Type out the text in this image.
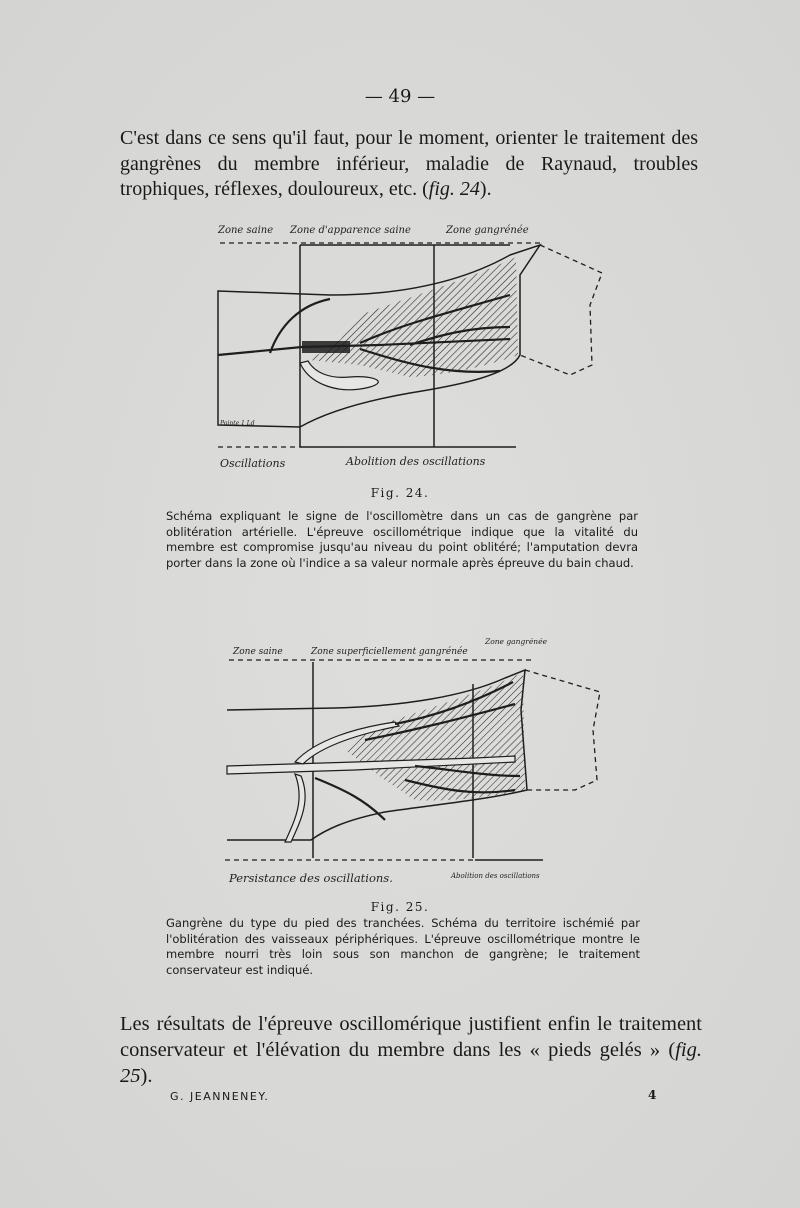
— 49 —
C'est dans ce sens qu'il faut, pour le moment, orienter le traitement des gangrènes du membre inférieur, maladie de Raynaud, troubles trophiques, réflexes, douloureux, etc. (fig. 24).
Zone saine Zone d'apparence saine	Zone gangrénée
Pointe 1 Ld
Oscillations	Abolition des oscillations
Fig. 24.
Schéma expliquant le signe de l'oscillomètre dans un cas de gangrène par oblitération artérielle. L'épreuve oscillométrique indique que la vitalité du membre est compromise jusqu'au niveau du point oblitéré; l'amputation devra porter dans la zone où l'indice a sa valeur normale après épreuve du bain chaud.
Zone gangrénée
Zone saine	Zone superficiellement gangrénée
Persistance des oscillations.	Abolition des oscillations
Fig. 25.
Gangrène du type du pied des tranchées. Schéma du territoire ischémié par l'oblitération des vaisseaux périphériques. L'épreuve oscillométrique montre le membre nourri très loin sous son manchon de gangrène; le traitement conservateur est indiqué.
Les résultats de l'épreuve oscillomérique justifient enfin le traitement conservateur et l'élévation du membre dans les « pieds gelés » (fig. 25).
G. JEANNENEY.	4
